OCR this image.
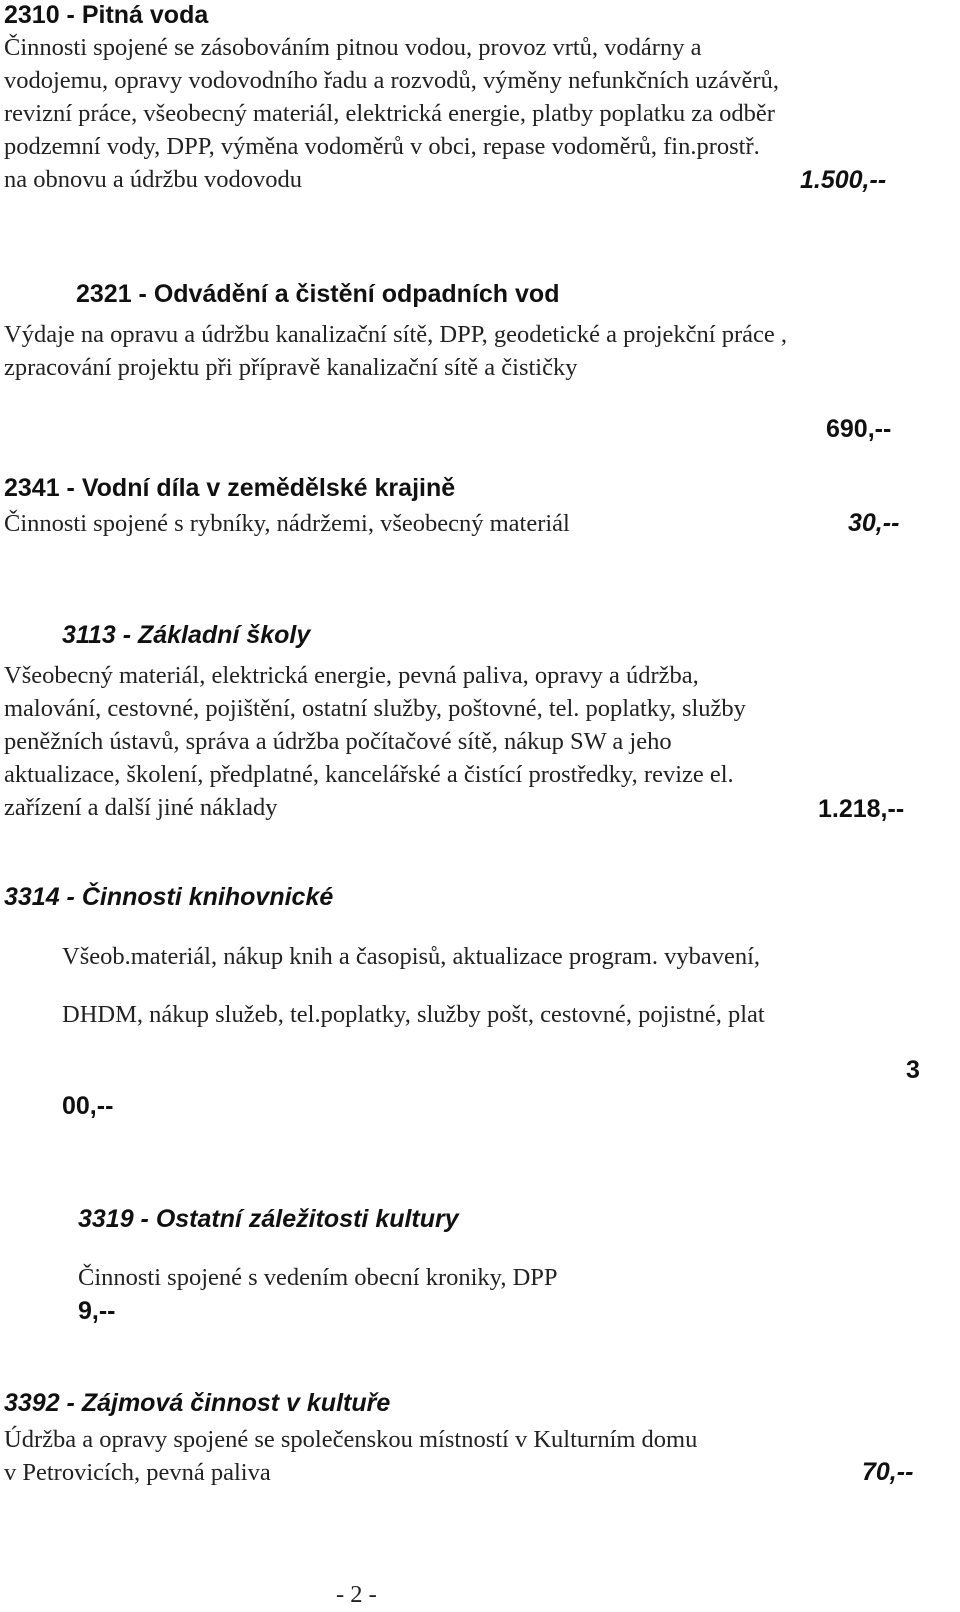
2310 - Pitná voda
Činnosti spojené se zásobováním pitnou vodou, provoz vrtů, vodárny a
vodojemu, opravy vodovodního řadu a rozvodů, výměny nefunkčních uzávěrů,
revizní práce, všeobecný materiál, elektrická energie, platby poplatku za odběr
podzemní vody, DPP, výměna vodoměrů v obci, repase vodoměrů, fin.prostř.
na obnovu a údržbu vodovodu	1.500,--
2321 - Odvádění a čistění odpadních vod
Výdaje na opravu a údržbu kanalizační sítě, DPP, geodetické a projekční práce ,
zpracování projektu při přípravě kanalizační sítě a čističky
690,--
2341 - Vodní díla v zemědělské krajině
Činnosti spojené s rybníky, nádržemi, všeobecný materiál	30,--
3113 - Základní školy
Všeobecný materiál, elektrická energie, pevná paliva, opravy a údržba,
malování, cestovné, pojištění, ostatní služby, poštovné, tel. poplatky, služby
peněžních ústavů, správa a údržba počítačové sítě, nákup SW a jeho
aktualizace, školení, předplatné, kancelářské a čistící prostředky, revize el.
zařízení a další jiné náklady	1.218,--
3314 - Činnosti knihovnické
Všeob.materiál, nákup knih a časopisů, aktualizace program. vybavení,
DHDM, nákup služeb, tel.poplatky, služby pošt, cestovné, pojistné, plat
3
00,--
3319 - Ostatní záležitosti kultury
Činnosti spojené s vedením obecní kroniky, DPP
9,--
3392 - Zájmová činnost v kultuře
Údržba a opravy spojené se společenskou místností v Kulturním domu
v Petrovicích, pevná paliva	70,--
- 2 -
